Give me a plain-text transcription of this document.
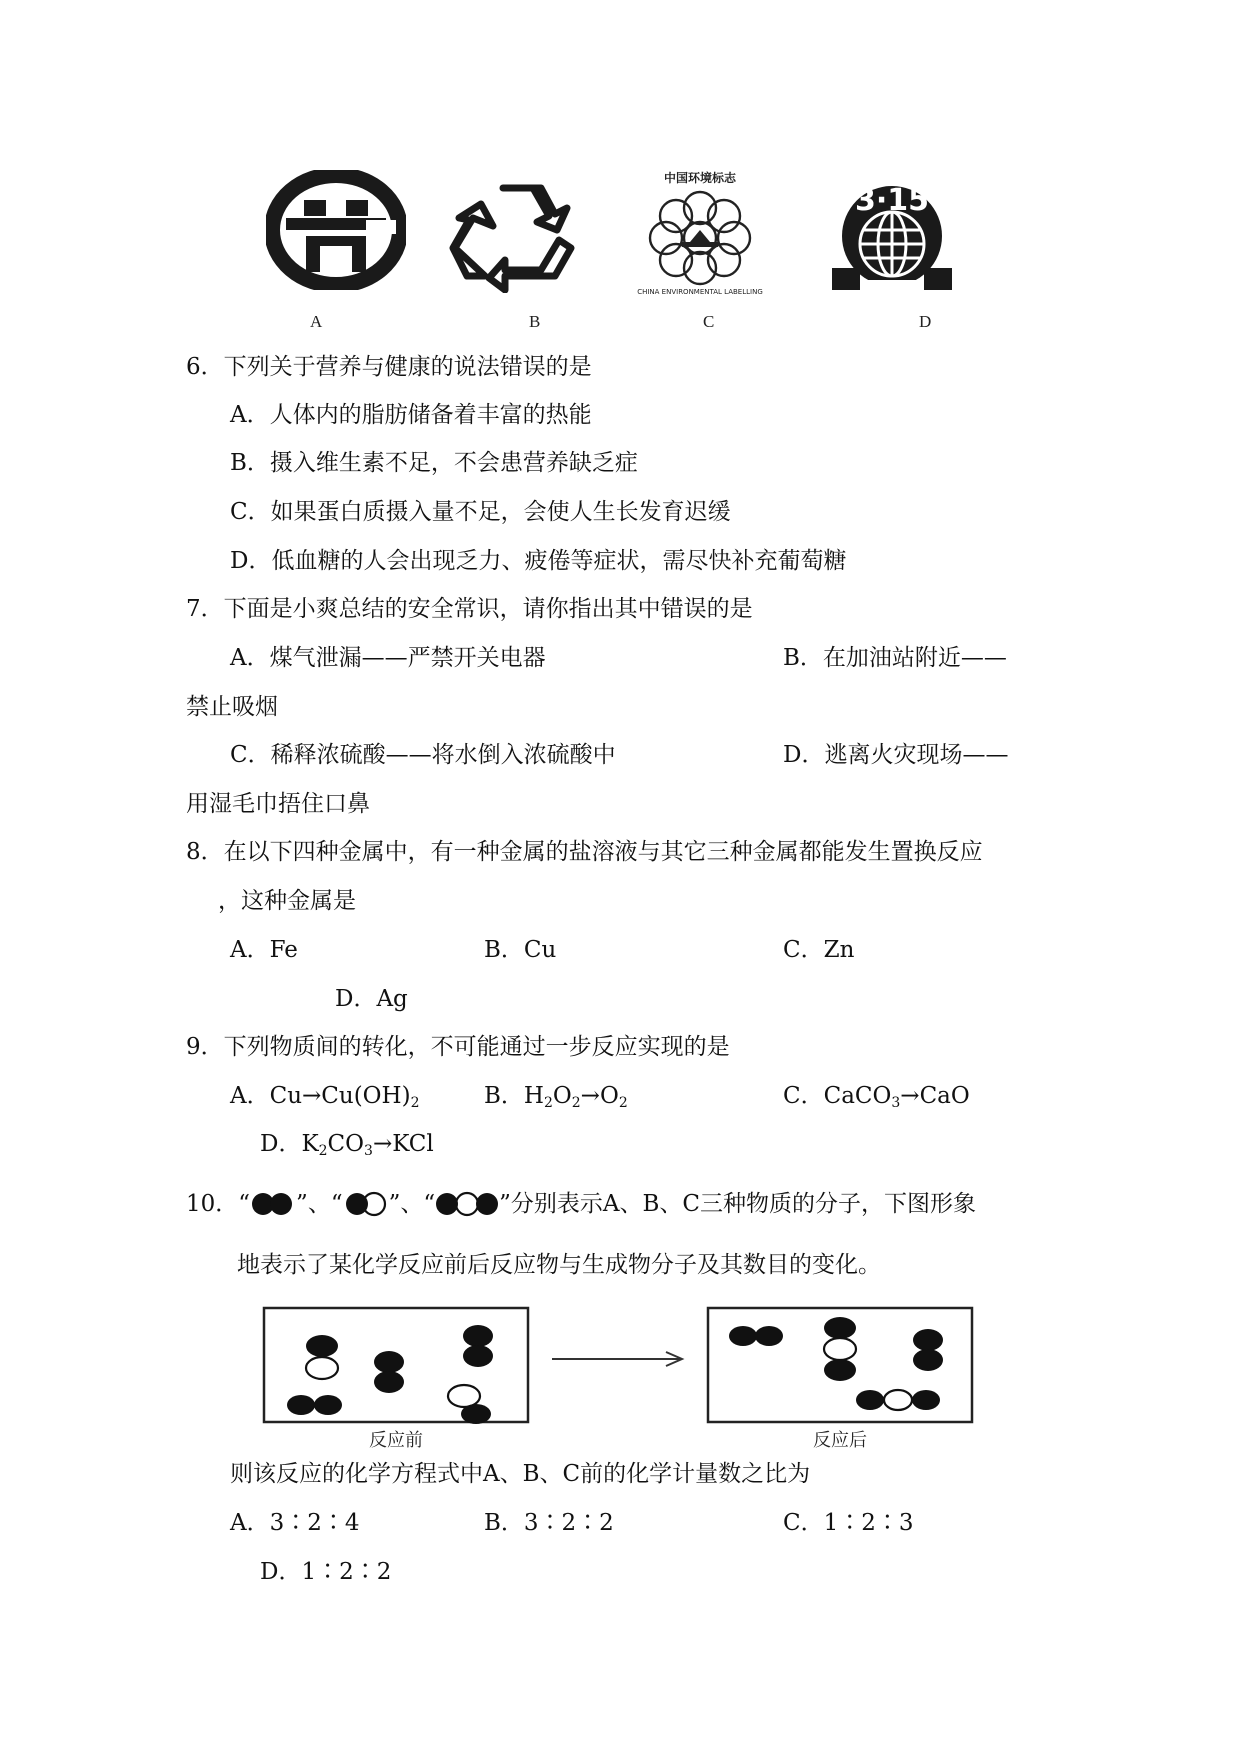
中国环境标志
CHINA ENVIRONMENTAL LABELLING
3·15
A	B	C	D
6．下列关于营养与健康的说法错误的是
A．人体内的脂肪储备着丰富的热能
B．摄入维生素不足，不会患营养缺乏症
C．如果蛋白质摄入量不足，会使人生长发育迟缓
D．低血糖的人会出现乏力、疲倦等症状，需尽快补充葡萄糖
7．下面是小爽总结的安全常识，请你指出其中错误的是
A．煤气泄漏——严禁开关电器	B．在加油站附近——
禁止吸烟
C．稀释浓硫酸——将水倒入浓硫酸中	D．逃离火灾现场——
用湿毛巾捂住口鼻
8．在以下四种金属中，有一种金属的盐溶液与其它三种金属都能发生置换反应
，这种金属是
A．Fe	B．Cu	C．Zn
D．Ag
9．下列物质间的转化，不可能通过一步反应实现的是
A．$Cu\to Cu(OH)_2$	B．$H_2O_2\to O_2$	C．CaCO$_3$→CaO
D．$K_2CO_3\to KCl$
10．“ ”、“ ”、“	”分别表示A、B、C三种物质的分子，下图形象
地表示了某化学反应前后反应物与生成物分子及其数目的变化。
反应前	反应后
则该反应的化学方程式中A、B、C前的化学计量数之比为
A．3∶2∶4	B．3∶2∶2	C．1∶2∶3
D．1∶2∶2
